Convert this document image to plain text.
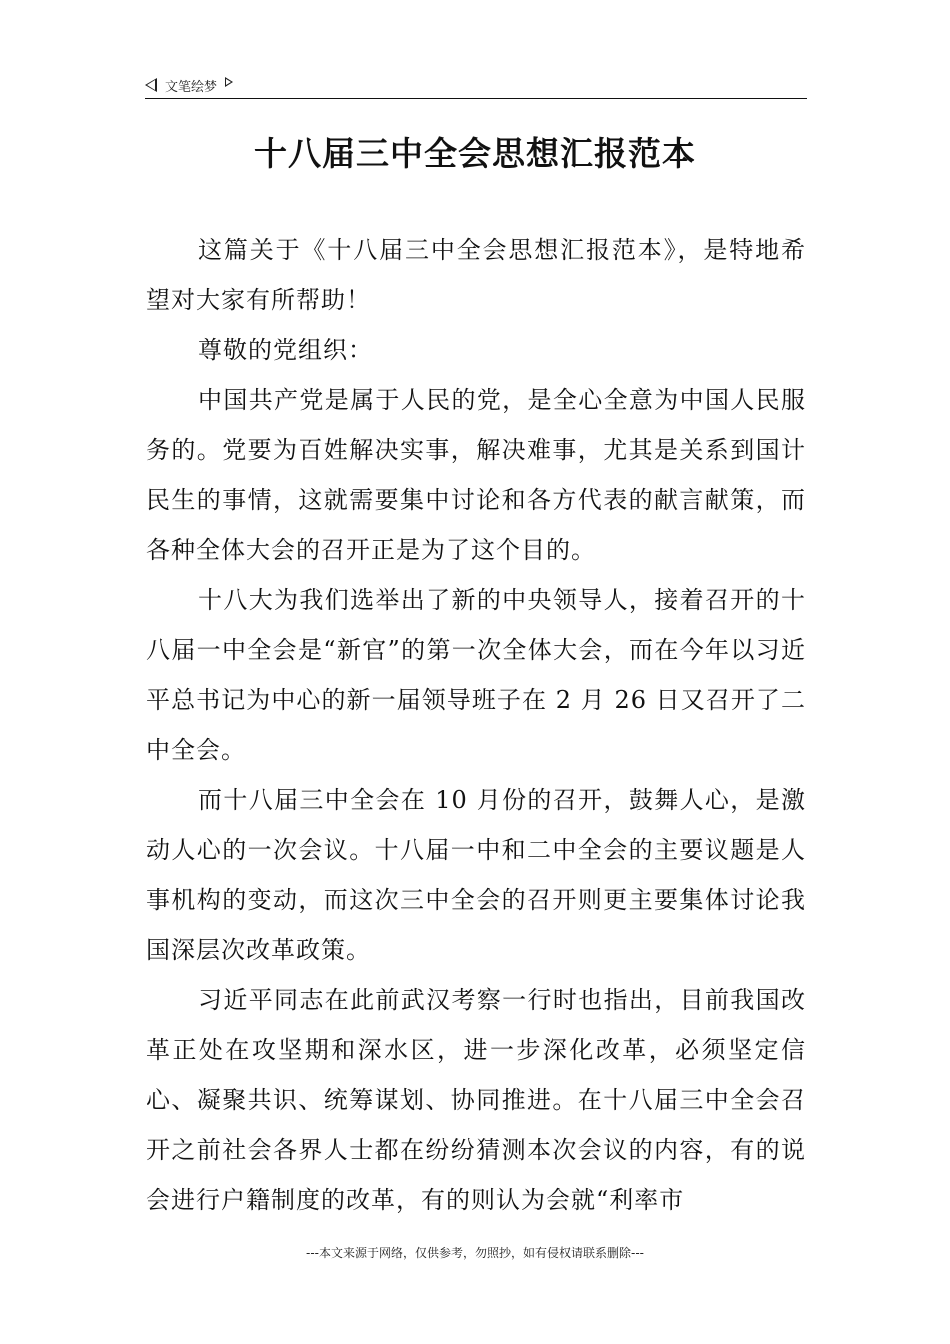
文笔绘梦
十八届三中全会思想汇报范本

这篇关于《十八届三中全会思想汇报范本》，是特地希望对大家有所帮助！

尊敬的党组织：

中国共产党是属于人民的党，是全心全意为中国人民服务的。党要为百姓解决实事，解决难事，尤其是关系到国计民生的事情，这就需要集中讨论和各方代表的献言献策，而各种全体大会的召开正是为了这个目的。

十八大为我们选举出了新的中央领导人，接着召开的十八届一中全会是“新官”的第一次全体大会，而在今年以习近平总书记为中心的新一届领导班子在 2 月 26 日又召开了二中全会。

而十八届三中全会在 10 月份的召开，鼓舞人心，是激动人心的一次会议。十八届一中和二中全会的主要议题是人事机构的变动，而这次三中全会的召开则更主要集体讨论我国深层次改革政策。

习近平同志在此前武汉考察一行时也指出，目前我国改革正处在攻坚期和深水区，进一步深化改革，必须坚定信心、凝聚共识、统筹谋划、协同推进。在十八届三中全会召开之前社会各界人士都在纷纷猜测本次会议的内容，有的说会进行户籍制度的改革，有的则认为会就“利率市

---本文来源于网络，仅供参考，勿照抄，如有侵权请联系删除---
